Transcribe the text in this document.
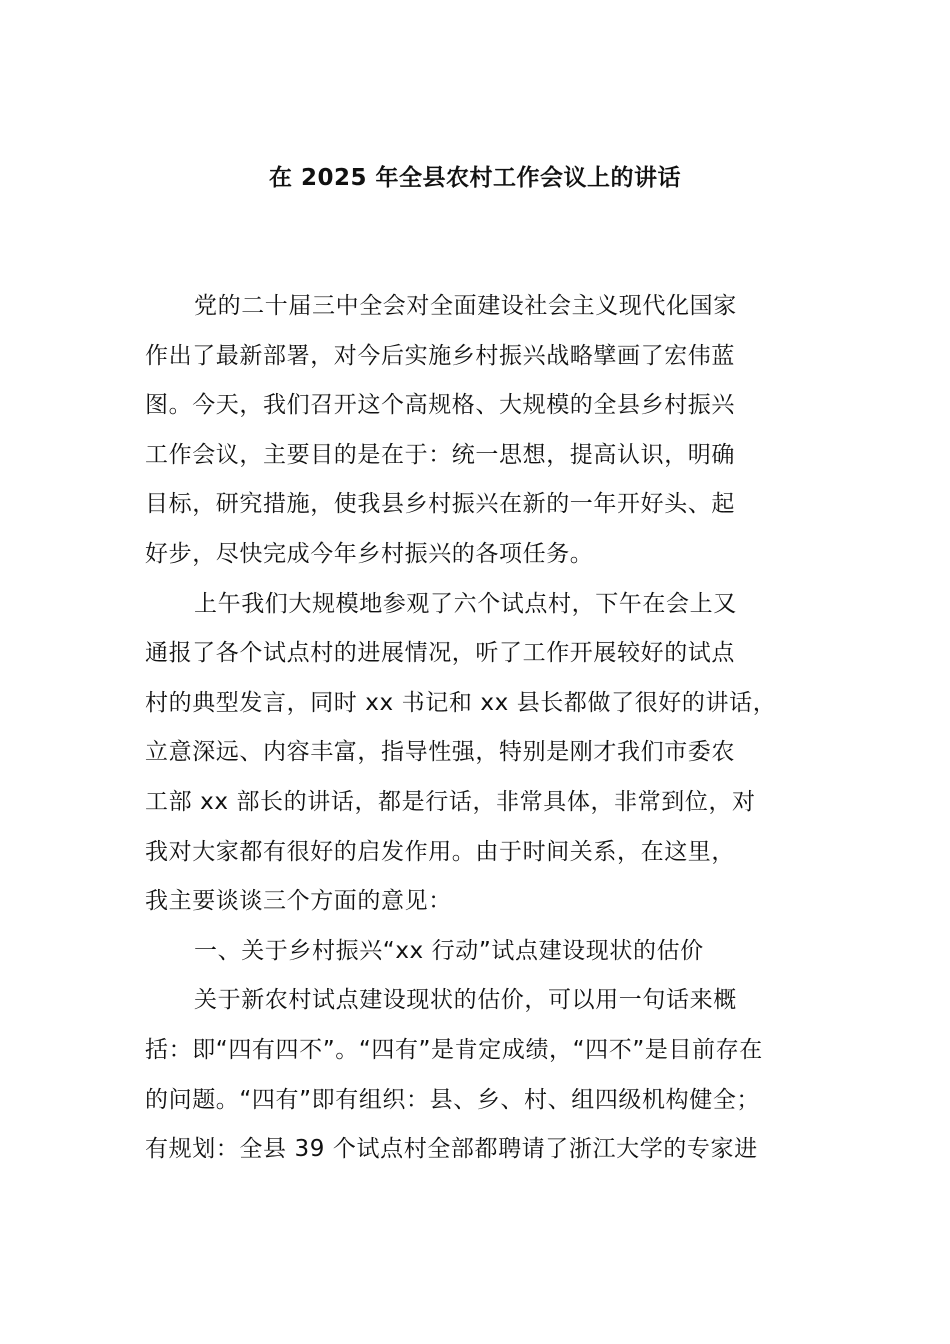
在 2025 年全县农村工作会议上的讲话

党的二十届三中全会对全面建设社会主义现代化国家
作出了最新部署，对今后实施乡村振兴战略擘画了宏伟蓝
图。今天，我们召开这个高规格、大规模的全县乡村振兴
工作会议，主要目的是在于：统一思想，提高认识，明确
目标，研究措施，使我县乡村振兴在新的一年开好头、起
好步，尽快完成今年乡村振兴的各项任务。

上午我们大规模地参观了六个试点村，下午在会上又
通报了各个试点村的进展情况，听了工作开展较好的试点
村的典型发言，同时 xx 书记和 xx 县长都做了很好的讲话，
立意深远、内容丰富，指导性强，特别是刚才我们市委农
工部 xx 部长的讲话，都是行话，非常具体，非常到位，对
我对大家都有很好的启发作用。由于时间关系，在这里，
我主要谈谈三个方面的意见：

一、关于乡村振兴“xx 行动”试点建设现状的估价

关于新农村试点建设现状的估价，可以用一句话来概
括：即“四有四不”。“四有”是肯定成绩，“四不”是目前存在
的问题。“四有”即有组织：县、乡、村、组四级机构健全；
有规划：全县 39 个试点村全部都聘请了浙江大学的专家进
